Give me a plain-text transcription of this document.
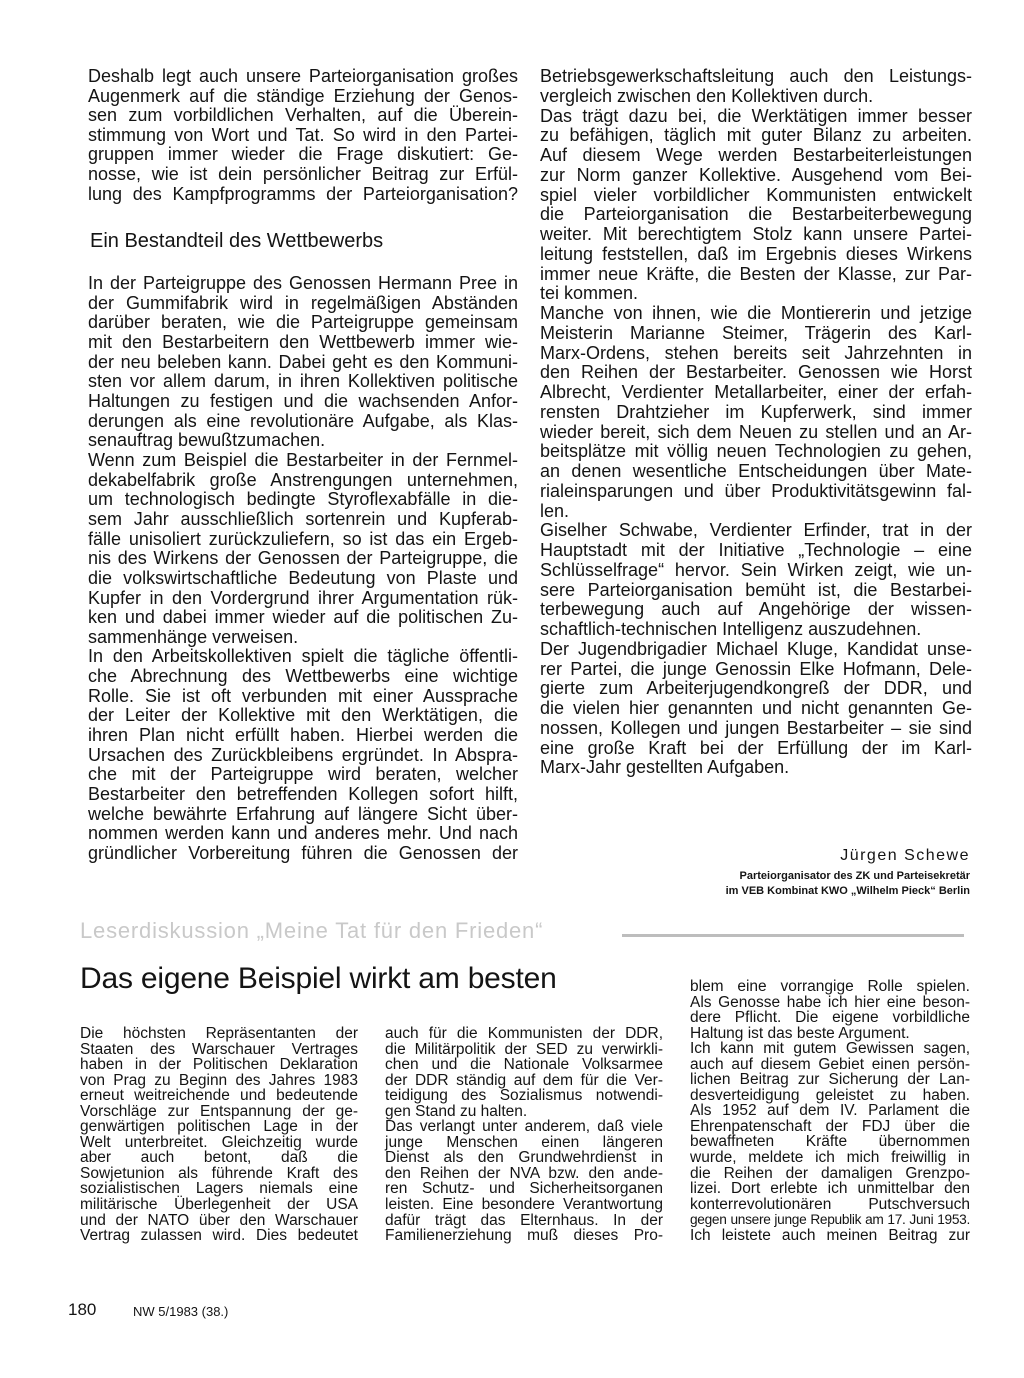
Deshalb legt auch unsere Parteiorganisation großes
Augenmerk auf die ständige Erziehung der Genos-
sen zum vorbildlichen Verhalten, auf die Überein-
stimmung von Wort und Tat. So wird in den Partei-
gruppen immer wieder die Frage diskutiert: Ge-
nosse, wie ist dein persönlicher Beitrag zur Erfül-
lung des Kampfprogramms der Parteiorganisation?
Ein Bestandteil des Wettbewerbs
In der Parteigruppe des Genossen Hermann Pree in
der Gummifabrik wird in regelmäßigen Abständen
darüber beraten, wie die Parteigruppe gemeinsam
mit den Bestarbeitern den Wettbewerb immer wie-
der neu beleben kann. Dabei geht es den Kommuni-
sten vor allem darum, in ihren Kollektiven politische
Haltungen zu festigen und die wachsenden Anfor-
derungen als eine revolutionäre Aufgabe, als Klas-
senauftrag bewußtzumachen.
Wenn zum Beispiel die Bestarbeiter in der Fernmel-
dekabelfabrik große Anstrengungen unternehmen,
um technologisch bedingte Styroflexabfälle in die-
sem Jahr ausschließlich sortenrein und Kupferab-
fälle unisoliert zurückzuliefern, so ist das ein Ergeb-
nis des Wirkens der Genossen der Parteigruppe, die
die volkswirtschaftliche Bedeutung von Plaste und
Kupfer in den Vordergrund ihrer Argumentation rük-
ken und dabei immer wieder auf die politischen Zu-
sammenhänge verweisen.
In den Arbeitskollektiven spielt die tägliche öffentli-
che Abrechnung des Wettbewerbs eine wichtige
Rolle. Sie ist oft verbunden mit einer Aussprache
der Leiter der Kollektive mit den Werktätigen, die
ihren Plan nicht erfüllt haben. Hierbei werden die
Ursachen des Zurückbleibens ergründet. In Abspra-
che mit der Parteigruppe wird beraten, welcher
Bestarbeiter den betreffenden Kollegen sofort hilft,
welche bewährte Erfahrung auf längere Sicht über-
nommen werden kann und anderes mehr. Und nach
gründlicher Vorbereitung führen die Genossen der
Betriebsgewerkschaftsleitung auch den Leistungs-
vergleich zwischen den Kollektiven durch.
Das trägt dazu bei, die Werktätigen immer besser
zu befähigen, täglich mit guter Bilanz zu arbeiten.
Auf diesem Wege werden Bestarbeiterleistungen
zur Norm ganzer Kollektive. Ausgehend vom Bei-
spiel vieler vorbildlicher Kommunisten entwickelt
die Parteiorganisation die Bestarbeiterbewegung
weiter. Mit berechtigtem Stolz kann unsere Partei-
leitung feststellen, daß im Ergebnis dieses Wirkens
immer neue Kräfte, die Besten der Klasse, zur Par-
tei kommen.
Manche von ihnen, wie die Montiererin und jetzige
Meisterin Marianne Steimer, Trägerin des Karl-
Marx-Ordens, stehen bereits seit Jahrzehnten in
den Reihen der Bestarbeiter. Genossen wie Horst
Albrecht, Verdienter Metallarbeiter, einer der erfah-
rensten Drahtzieher im Kupferwerk, sind immer
wieder bereit, sich dem Neuen zu stellen und an Ar-
beitsplätze mit völlig neuen Technologien zu gehen,
an denen wesentliche Entscheidungen über Mate-
rialeinsparungen und über Produktivitätsgewinn fal-
len.
Giselher Schwabe, Verdienter Erfinder, trat in der
Hauptstadt mit der Initiative „Technologie – eine
Schlüsselfrage“ hervor. Sein Wirken zeigt, wie un-
sere Parteiorganisation bemüht ist, die Bestarbei-
terbewegung auch auf Angehörige der wissen-
schaftlich-technischen Intelligenz auszudehnen.
Der Jugendbrigadier Michael Kluge, Kandidat unse-
rer Partei, die junge Genossin Elke Hofmann, Dele-
gierte zum Arbeiterjugendkongreß der DDR, und
die vielen hier genannten und nicht genannten Ge-
nossen, Kollegen und jungen Bestarbeiter – sie sind
eine große Kraft bei der Erfüllung der im Karl-
Marx-Jahr gestellten Aufgaben.
Jürgen Schewe
Parteiorganisator des ZK und Parteisekretär
im VEB Kombinat KWO „Wilhelm Pieck“ Berlin
Leserdiskussion „Meine Tat für den Frieden“
Das eigene Beispiel wirkt am besten
Die höchsten Repräsentanten der
Staaten des Warschauer Vertrages
haben in der Politischen Deklaration
von Prag zu Beginn des Jahres 1983
erneut weitreichende und bedeutende
Vorschläge zur Entspannung der ge-
genwärtigen politischen Lage in der
Welt unterbreitet. Gleichzeitig wurde
aber auch betont, daß die
Sowjetunion als führende Kraft des
sozialistischen Lagers niemals eine
militärische Überlegenheit der USA
und der NATO über den Warschauer
Vertrag zulassen wird. Dies bedeutet
auch für die Kommunisten der DDR,
die Militärpolitik der SED zu verwirkli-
chen und die Nationale Volksarmee
der DDR ständig auf dem für die Ver-
teidigung des Sozialismus notwendi-
gen Stand zu halten.
Das verlangt unter anderem, daß viele
junge Menschen einen längeren
Dienst als den Grundwehrdienst in
den Reihen der NVA bzw. den ande-
ren Schutz- und Sicherheitsorganen
leisten. Eine besondere Verantwortung
dafür trägt das Elternhaus. In der
Familienerziehung muß dieses Pro-
blem eine vorrangige Rolle spielen.
Als Genosse habe ich hier eine beson-
dere Pflicht. Die eigene vorbildliche
Haltung ist das beste Argument.
Ich kann mit gutem Gewissen sagen,
auch auf diesem Gebiet einen persön-
lichen Beitrag zur Sicherung der Lan-
desverteidigung geleistet zu haben.
Als 1952 auf dem IV. Parlament die
Ehrenpatenschaft der FDJ über die
bewaffneten Kräfte übernommen
wurde, meldete ich mich freiwillig in
die Reihen der damaligen Grenzpo-
lizei. Dort erlebte ich unmittelbar den
konterrevolutionären Putschversuch
gegen unsere junge Republik am 17. Juni 1953.
Ich leistete auch meinen Beitrag zur
180	NW 5/1983 (38.)
